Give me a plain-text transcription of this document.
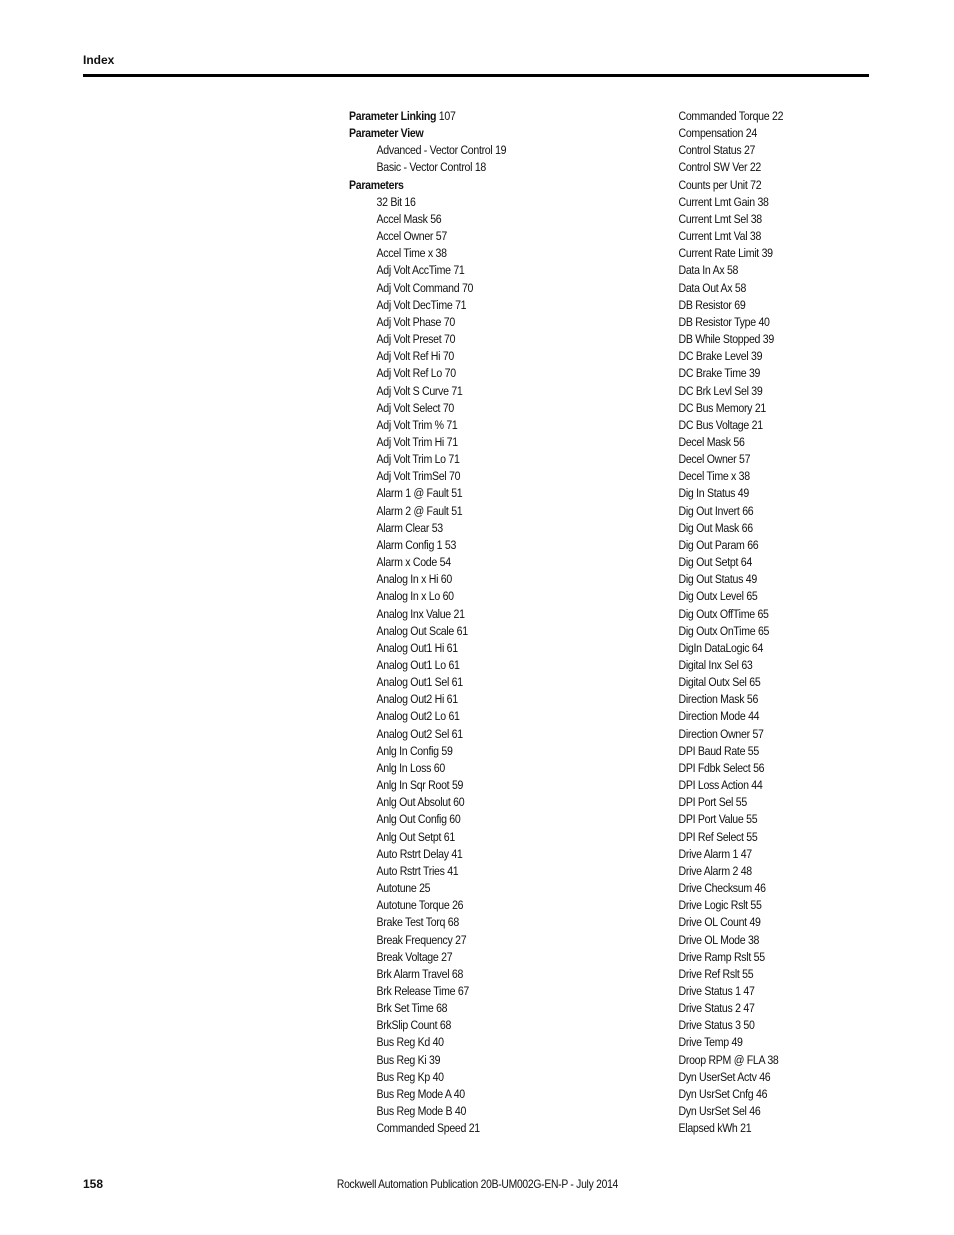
Index
Parameter Linking 107
Parameter View
Advanced - Vector Control 19
Basic - Vector Control 18
Parameters
32 Bit 16
Accel Mask 56
Accel Owner 57
Accel Time x 38
Adj Volt AccTime 71
Adj Volt Command 70
Adj Volt DecTime 71
Adj Volt Phase 70
Adj Volt Preset 70
Adj Volt Ref Hi 70
Adj Volt Ref Lo 70
Adj Volt S Curve 71
Adj Volt Select 70
Adj Volt Trim % 71
Adj Volt Trim Hi 71
Adj Volt Trim Lo 71
Adj Volt TrimSel 70
Alarm 1 @ Fault 51
Alarm 2 @ Fault 51
Alarm Clear 53
Alarm Config 1 53
Alarm x Code 54
Analog In x Hi 60
Analog In x Lo 60
Analog Inx Value 21
Analog Out Scale 61
Analog Out1 Hi 61
Analog Out1 Lo 61
Analog Out1 Sel 61
Analog Out2 Hi 61
Analog Out2 Lo 61
Analog Out2 Sel 61
Anlg In Config 59
Anlg In Loss 60
Anlg In Sqr Root 59
Anlg Out Absolut 60
Anlg Out Config 60
Anlg Out Setpt 61
Auto Rstrt Delay 41
Auto Rstrt Tries 41
Autotune 25
Autotune Torque 26
Brake Test Torq 68
Break Frequency 27
Break Voltage 27
Brk Alarm Travel 68
Brk Release Time 67
Brk Set Time 68
BrkSlip Count 68
Bus Reg Kd 40
Bus Reg Ki 39
Bus Reg Kp 40
Bus Reg Mode A 40
Bus Reg Mode B 40
Commanded Speed 21
Commanded Torque 22
Compensation 24
Control Status 27
Control SW Ver 22
Counts per Unit 72
Current Lmt Gain 38
Current Lmt Sel 38
Current Lmt Val 38
Current Rate Limit 39
Data In Ax 58
Data Out Ax 58
DB Resistor 69
DB Resistor Type 40
DB While Stopped 39
DC Brake Level 39
DC Brake Time 39
DC Brk Levl Sel 39
DC Bus Memory 21
DC Bus Voltage 21
Decel Mask 56
Decel Owner 57
Decel Time x 38
Dig In Status 49
Dig Out Invert 66
Dig Out Mask 66
Dig Out Param 66
Dig Out Setpt 64
Dig Out Status 49
Dig Outx Level 65
Dig Outx OffTime 65
Dig Outx OnTime 65
DigIn DataLogic 64
Digital Inx Sel 63
Digital Outx Sel 65
Direction Mask 56
Direction Mode 44
Direction Owner 57
DPI Baud Rate 55
DPI Fdbk Select 56
DPI Loss Action 44
DPI Port Sel 55
DPI Port Value 55
DPI Ref Select 55
Drive Alarm 1 47
Drive Alarm 2 48
Drive Checksum 46
Drive Logic Rslt 55
Drive OL Count 49
Drive OL Mode 38
Drive Ramp Rslt 55
Drive Ref Rslt 55
Drive Status 1 47
Drive Status 2 47
Drive Status 3 50
Drive Temp 49
Droop RPM @ FLA 38
Dyn UserSet Actv 46
Dyn UsrSet Cnfg 46
Dyn UsrSet Sel 46
Elapsed kWh 21
158	Rockwell Automation Publication 20B-UM002G-EN-P - July 2014
